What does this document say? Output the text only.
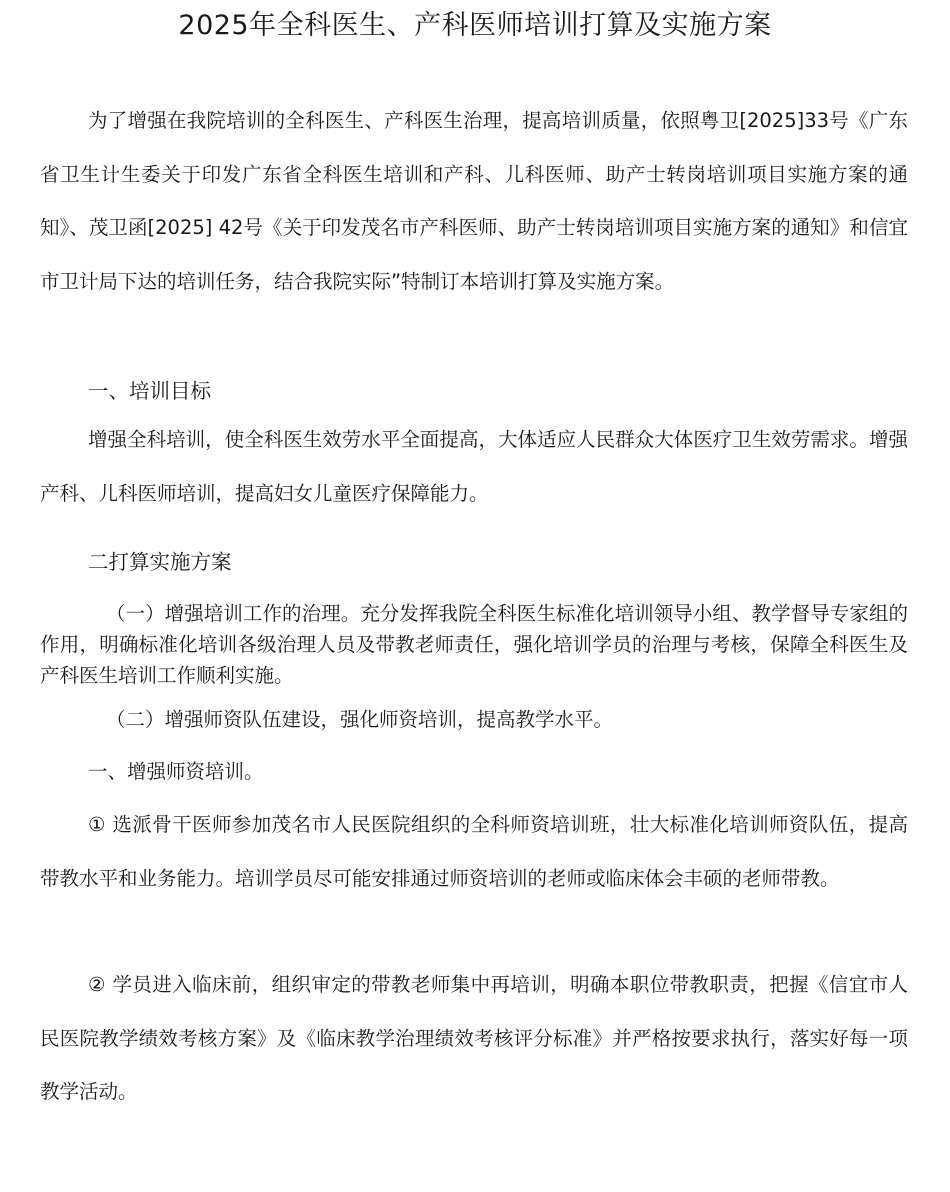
2025年全科医生、产科医师培训打算及实施方案

为了增强在我院培训的全科医生、产科医生治理，提高培训质量，依照粤卫[2025]33号《广东省卫生计生委关于印发广东省全科医生培训和产科、儿科医师、助产士转岗培训项目实施方案的通知》、茂卫函[2025] 42号《关于印发茂名市产科医师、助产士转岗培训项目实施方案的通知》和信宜市卫计局下达的培训任务，结合我院实际”特制订本培训打算及实施方案。

一、培训目标

增强全科培训，使全科医生效劳水平全面提高，大体适应人民群众大体医疗卫生效劳需求。增强产科、儿科医师培训，提高妇女儿童医疗保障能力。

二打算实施方案

（一）增强培训工作的治理。充分发挥我院全科医生标准化培训领导小组、教学督导专家组的作用，明确标准化培训各级治理人员及带教老师责任，强化培训学员的治理与考核，保障全科医生及产科医生培训工作顺利实施。

（二）增强师资队伍建设，强化师资培训，提高教学水平。

一、增强师资培训。

① 选派骨干医师参加茂名市人民医院组织的全科师资培训班，壮大标准化培训师资队伍，提高带教水平和业务能力。培训学员尽可能安排通过师资培训的老师或临床体会丰硕的老师带教。

② 学员进入临床前，组织审定的带教老师集中再培训，明确本职位带教职责，把握《信宜市人民医院教学绩效考核方案》及《临床教学治理绩效考核评分标准》并严格按要求执行，落实好每一项教学活动。
